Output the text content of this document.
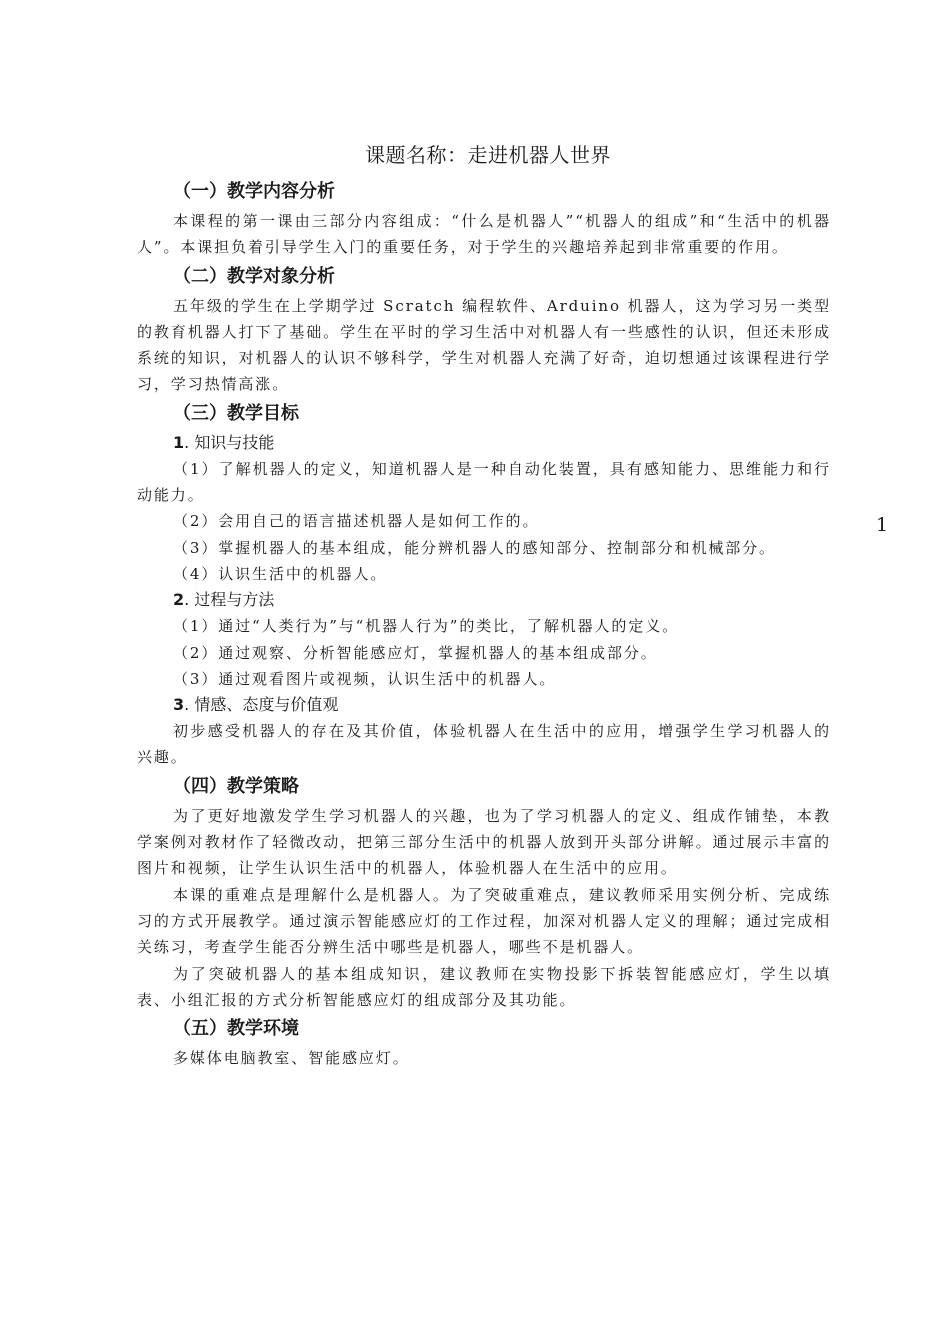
课题名称：走进机器人世界
（一）教学内容分析

本课程的第一课由三部分内容组成：“什么是机器人”“机器人的组成”和“生活中的机器人”。本课担负着引导学生入门的重要任务，对于学生的兴趣培养起到非常重要的作用。

（二）教学对象分析

五年级的学生在上学期学过 Scratch 编程软件、Arduino 机器人，这为学习另一类型的教育机器人打下了基础。学生在平时的学习生活中对机器人有一些感性的认识，但还未形成系统的知识，对机器人的认识不够科学，学生对机器人充满了好奇，迫切想通过该课程进行学习，学习热情高涨。

（三）教学目标
1. 知识与技能

（1）了解机器人的定义，知道机器人是一种自动化装置，具有感知能力、思维能力和行动能力。

（2）会用自己的语言描述机器人是如何工作的。

（3）掌握机器人的基本组成，能分辨机器人的感知部分、控制部分和机械部分。

（4）认识生活中的机器人。

2. 过程与方法

（1）通过“人类行为”与“机器人行为”的类比，了解机器人的定义。

（2）通过观察、分析智能感应灯，掌握机器人的基本组成部分。

（3）通过观看图片或视频，认识生活中的机器人。

3. 情感、态度与价值观

初步感受机器人的存在及其价值，体验机器人在生活中的应用，增强学生学习机器人的兴趣。

（四）教学策略

为了更好地激发学生学习机器人的兴趣，也为了学习机器人的定义、组成作铺垫，本教学案例对教材作了轻微改动，把第三部分生活中的机器人放到开头部分讲解。通过展示丰富的图片和视频，让学生认识生活中的机器人，体验机器人在生活中的应用。

本课的重难点是理解什么是机器人。为了突破重难点，建议教师采用实例分析、完成练习的方式开展教学。通过演示智能感应灯的工作过程，加深对机器人定义的理解；通过完成相关练习，考查学生能否分辨生活中哪些是机器人，哪些不是机器人。

为了突破机器人的基本组成知识，建议教师在实物投影下拆装智能感应灯，学生以填表、小组汇报的方式分析智能感应灯的组成部分及其功能。

（五）教学环境

多媒体电脑教室、智能感应灯。

1
